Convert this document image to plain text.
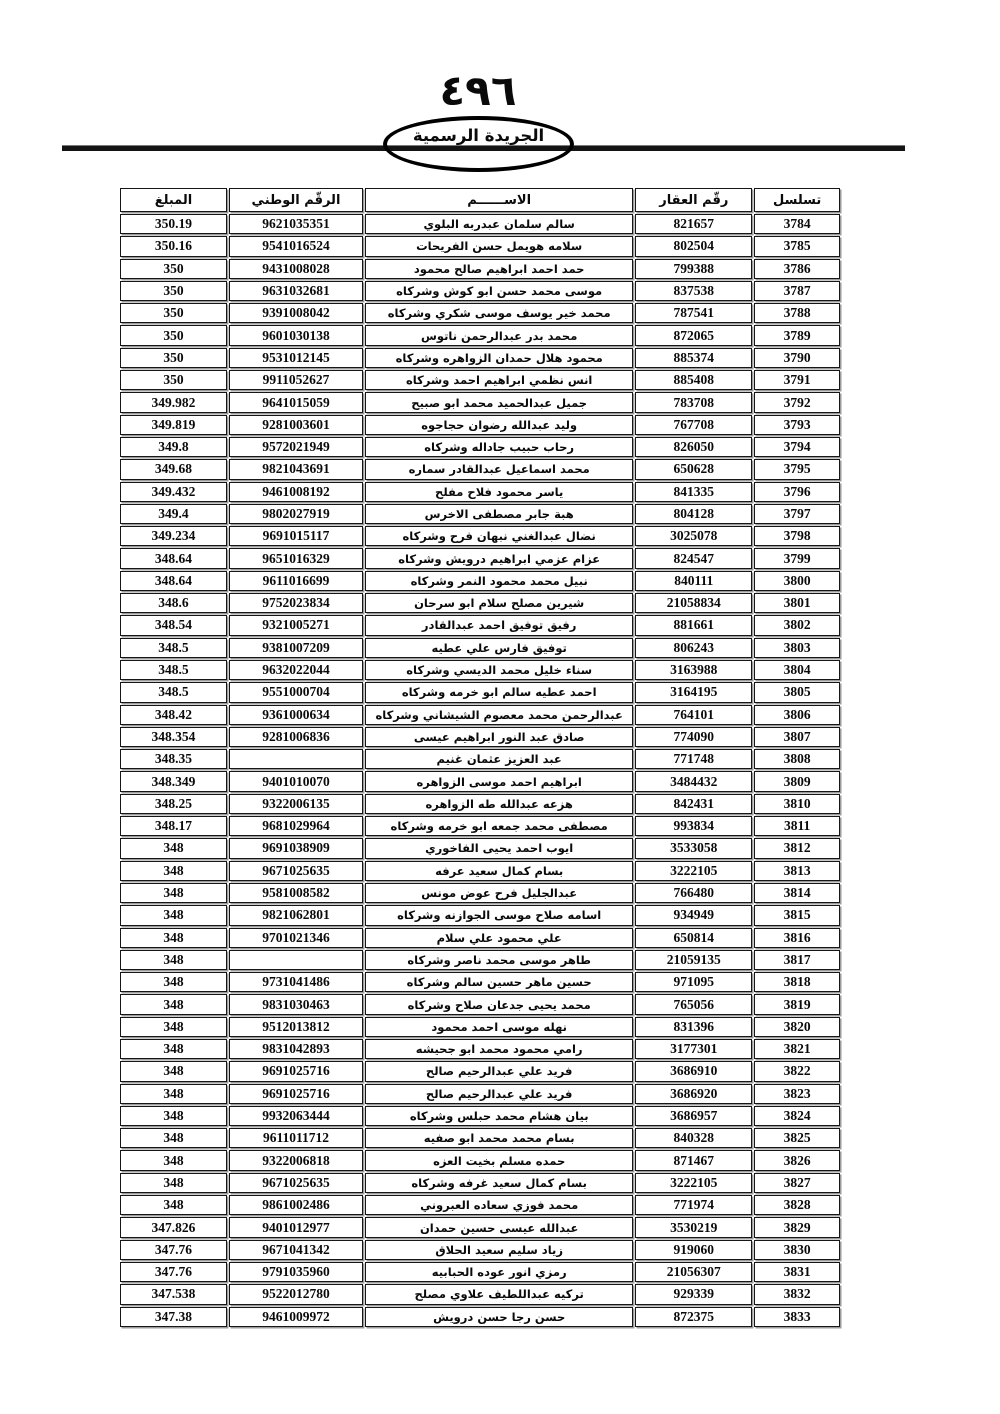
٤٩٦
الجريدة الرسمية
تسلسل	رقّم العقار	الاســــــم	الرقّم الوطني	المبلغ
3784	821657	سالم سلمان عبدربه البلوي	9621035351	350.19
3785	802504	سلامه هويمل حسن الفريحات	9541016524	350.16
3786	799388	حمد احمد ابراهيم صالح محمود	9431008028	350
3787	837538	موسى محمد حسن ابو كوش وشركاه	9631032681	350
3788	787541	محمد خير يوسف موسى شكري وشركاه	9391008042	350
3789	872065	محمد بدر عبدالرحمن ناتوس	9601030138	350
3790	885374	محمود هلال حمدان الزواهره وشركاه	9531012145	350
3791	885408	انس نظمي ابراهيم احمد وشركاه	9911052627	350
3792	783708	جميل عبدالحميد محمد ابو صبيح	9641015059	349.982
3793	767708	وليد عبدالله رضوان حجاجوه	9281003601	349.819
3794	826050	رحاب حبيب جاداله وشركاه	9572021949	349.8
3795	650628	محمد اسماعيل عبدالقادر سماره	9821043691	349.68
3796	841335	ياسر محمود فلاح مفلح	9461008192	349.432
3797	804128	هبة جابر مصطفى الاخرس	9802027919	349.4
3798	3025078	نضال عبدالغني نبهان فرح وشركاه	9691015117	349.234
3799	824547	عزام عزمي ابراهيم درويش وشركاه	9651016329	348.64
3800	840111	نبيل محمد محمود النمر وشركاه	9611016699	348.64
3801	21058834	شيرين مصلح سلام ابو سرحان	9752023834	348.6
3802	881661	رفيق توفيق احمد عبدالقادر	9321005271	348.54
3803	806243	توفيق فارس علي عطيه	9381007209	348.5
3804	3163988	سناء خليل محمد الديسي وشركاه	9632022044	348.5
3805	3164195	احمد عطيه سالم ابو خرمه وشركاه	9551000704	348.5
3806	764101	عبدالرحمن محمد معصوم الشيشاني وشركاه	9361000634	348.42
3807	774090	صادق عبد النور ابراهيم عيسى	9281006836	348.354
3808	771748	عبد العزيز عثمان غنيم		348.35
3809	3484432	ابراهيم احمد موسى الزواهره	9401010070	348.349
3810	842431	هزعه عبدالله طه الزواهره	9322006135	348.25
3811	993834	مصطفى محمد جمعه ابو خرمه وشركاه	9681029964	348.17
3812	3533058	ايوب احمد يحيى الفاخوري	9691038909	348
3813	3222105	بسام كمال سعيد عرفه	9671025635	348
3814	766480	عبدالجليل فرح عوض مونس	9581008582	348
3815	934949	اسامه صلاح موسى الجوازنه وشركاه	9821062801	348
3816	650814	علي محمود علي سلام	9701021346	348
3817	21059135	طاهر موسى محمد ناصر وشركاه		348
3818	971095	حسين ماهر حسين سالم وشركاه	9731041486	348
3819	765056	محمد يحيى جدعان صلاح وشركاه	9831030463	348
3820	831396	نهله موسى احمد محمود	9512013812	348
3821	3177301	رامي محمود محمد ابو جحيشه	9831042893	348
3822	3686910	فريد علي عبدالرحيم صالح	9691025716	348
3823	3686920	فريد علي عبدالرحيم صالح	9691025716	348
3824	3686957	بيان هشام محمد حبلس وشركاه	9932063444	348
3825	840328	بسام محمد محمد ابو صفيه	9611011712	348
3826	871467	حمده مسلم بخيت العزه	9322006818	348
3827	3222105	بسام كمال سعيد غرفه وشركاه	9671025635	348
3828	771974	محمد فوزي سعاده العبروني	9861002486	348
3829	3530219	عبدالله عيسى حسين حمدان	9401012977	347.826
3830	919060	زياد سليم سعيد الحلاق	9671041342	347.76
3831	21056307	رمزي انور عوده الحبابيه	9791035960	347.76
3832	929339	تركيه عبداللطيف علاوي مصلح	9522012780	347.538
3833	872375	حسن رجا حسن درويش	9461009972	347.38
